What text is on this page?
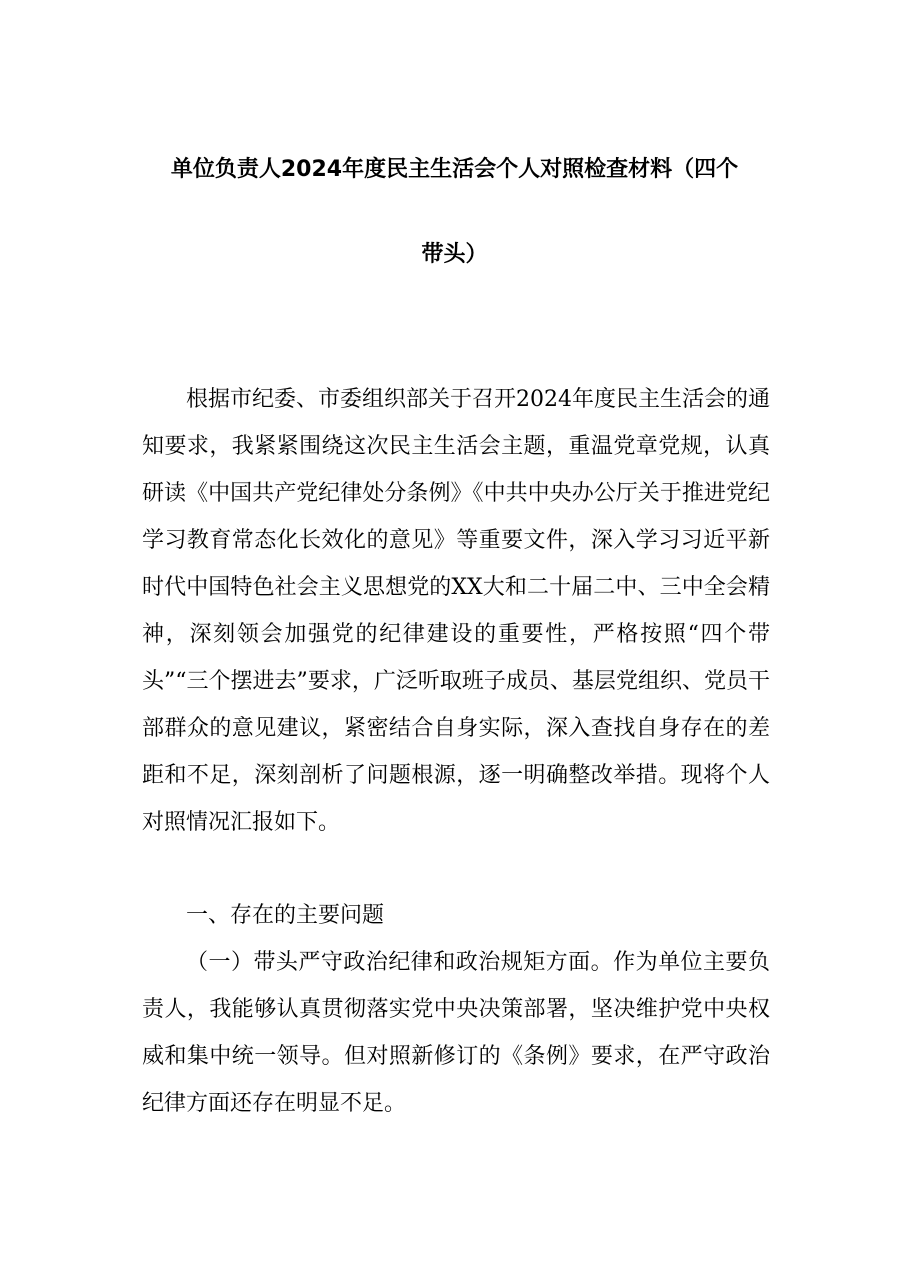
单位负责人2024年度民主生活会个人对照检查材料（四个
带头）

根据市纪委、市委组织部关于召开2024年度民主生活会的通知要求，我紧紧围绕这次民主生活会主题，重温党章党规，认真研读《中国共产党纪律处分条例》《中共中央办公厅关于推进党纪学习教育常态化长效化的意见》等重要文件，深入学习习近平新时代中国特色社会主义思想党的XX大和二十届二中、三中全会精神，深刻领会加强党的纪律建设的重要性，严格按照“四个带头”“三个摆进去”要求，广泛听取班子成员、基层党组织、党员干部群众的意见建议，紧密结合自身实际，深入查找自身存在的差距和不足，深刻剖析了问题根源，逐一明确整改举措。现将个人对照情况汇报如下。

一、存在的主要问题

（一）带头严守政治纪律和政治规矩方面。作为单位主要负责人，我能够认真贯彻落实党中央决策部署，坚决维护党中央权威和集中统一领导。但对照新修订的《条例》要求，在严守政治纪律方面还存在明显不足。
